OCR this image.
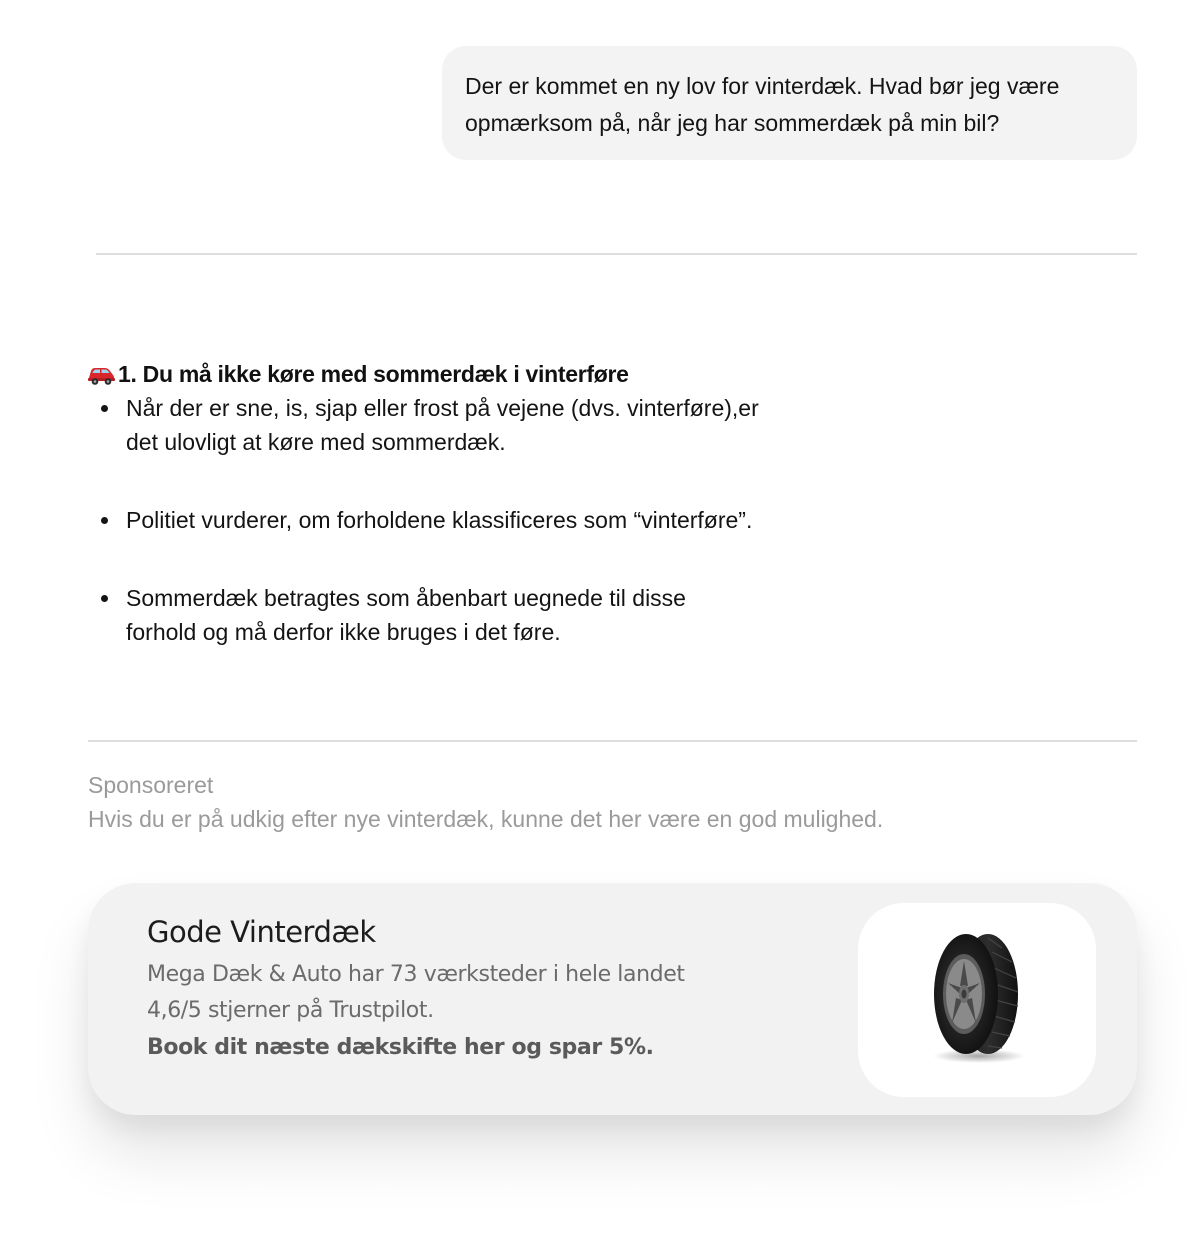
Der er kommet en ny lov for vinterdæk. Hvad bør jeg være
opmærksom på, når jeg har sommerdæk på min bil?
1. Du må ikke køre med sommerdæk i vinterføre
Når der er sne, is, sjap eller frost på vejene (dvs. vinterføre),er
det ulovligt at køre med sommerdæk.
Politiet vurderer, om forholdene klassificeres som “vinterføre”.
Sommerdæk betragtes som åbenbart uegnede til disse
forhold og må derfor ikke bruges i det føre.
Sponsoreret
Hvis du er på udkig efter nye vinterdæk, kunne det her være en god mulighed.
Gode Vinterdæk
Mega Dæk & Auto har 73 værksteder i hele landet
4,6/5 stjerner på Trustpilot.
Book dit næste dækskifte her og spar 5%.
